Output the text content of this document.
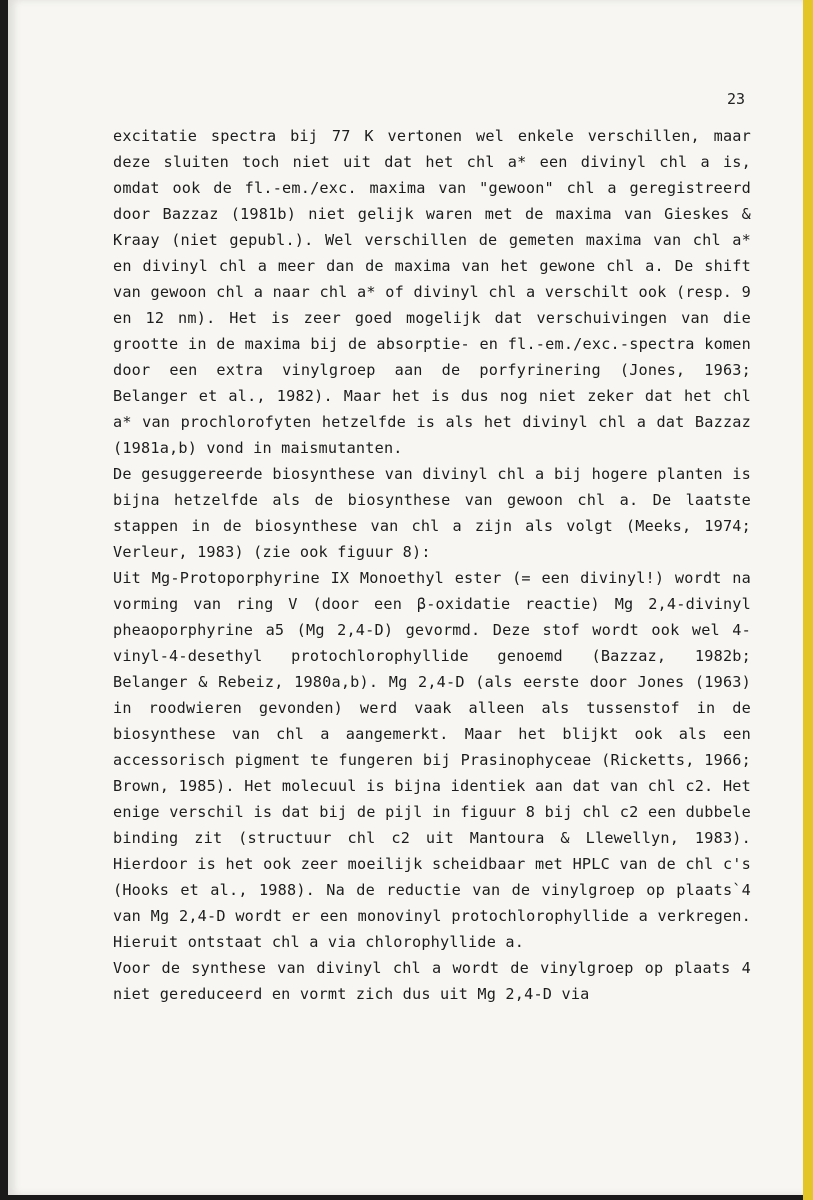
23

excitatie spectra bij 77 K vertonen wel enkele verschillen, maar deze sluiten toch niet uit dat het chl a* een divinyl chl a is, omdat ook de fl.-em./exc. maxima van "gewoon" chl a geregistreerd door Bazzaz (1981b) niet gelijk waren met de maxima van Gieskes & Kraay (niet gepubl.). Wel verschillen de gemeten maxima van chl a* en divinyl chl a meer dan de maxima van het gewone chl a. De shift van gewoon chl a naar chl a* of divinyl chl a verschilt ook (resp. 9 en 12 nm). Het is zeer goed mogelijk dat verschuivingen van die grootte in de maxima bij de absorptie- en fl.-em./exc.-spectra komen door een extra vinylgroep aan de porfyrinering (Jones, 1963; Belanger et al., 1982). Maar het is dus nog niet zeker dat het chl a* van prochlorofyten hetzelfde is als het divinyl chl a dat Bazzaz (1981a,b) vond in maismutanten.

De gesuggereerde biosynthese van divinyl chl a bij hogere planten is bijna hetzelfde als de biosynthese van gewoon chl a. De laatste stappen in de biosynthese van chl a zijn als volgt (Meeks, 1974; Verleur, 1983) (zie ook figuur 8):

Uit Mg-Protoporphyrine IX Monoethyl ester (= een divinyl!) wordt na vorming van ring V (door een β-oxidatie reactie) Mg 2,4-divinyl pheaoporphyrine a5 (Mg 2,4-D) gevormd. Deze stof wordt ook wel 4-vinyl-4-desethyl protochlorophyllide genoemd (Bazzaz, 1982b; Belanger & Rebeiz, 1980a,b). Mg 2,4-D (als eerste door Jones (1963) in roodwieren gevonden) werd vaak alleen als tussenstof in de biosynthese van chl a aangemerkt. Maar het blijkt ook als een accessorisch pigment te fungeren bij Prasinophyceae (Ricketts, 1966; Brown, 1985). Het molecuul is bijna identiek aan dat van chl c2. Het enige verschil is dat bij de pijl in figuur 8 bij chl c2 een dubbele binding zit (structuur chl c2 uit Mantoura & Llewellyn, 1983). Hierdoor is het ook zeer moeilijk scheidbaar met HPLC van de chl c's (Hooks et al., 1988). Na de reductie van de vinylgroep op plaats`4 van Mg 2,4-D wordt er een monovinyl protochlorophyllide a verkregen. Hieruit ontstaat chl a via chlorophyllide a.

Voor de synthese van divinyl chl a wordt de vinylgroep op plaats 4 niet gereduceerd en vormt zich dus uit Mg 2,4-D via
